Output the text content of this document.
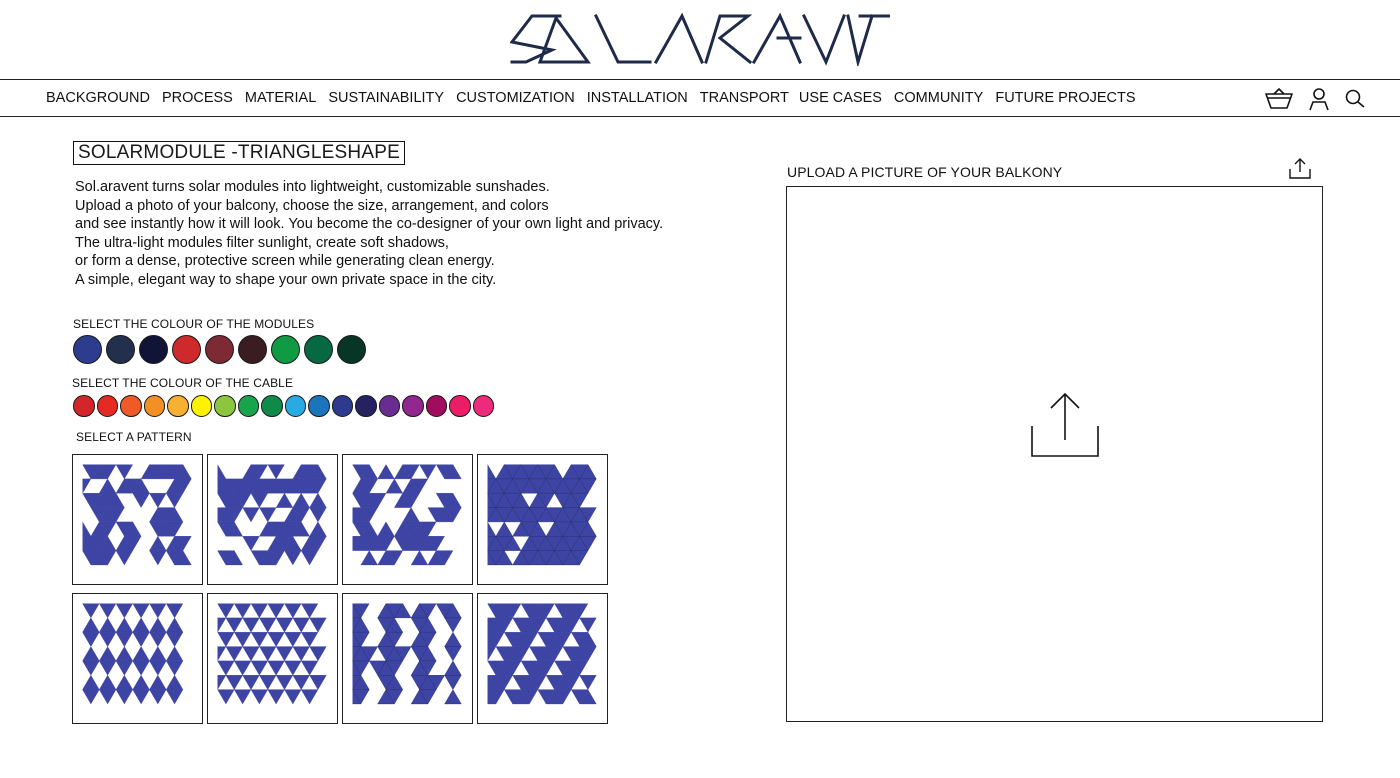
BACKGROUND PROCESS MATERIAL SUSTAINABILITY CUSTOMIZATION INSTALLATION TRANSPORT USE CASES COMMUNITY FUTURE PROJECTS
SOLARMODULE -TRIANGLESHAPE

Sol.aravent turns solar modules into lightweight, customizable sunshades.

Upload a photo of your balcony, choose the size, arrangement, and colors

and see instantly how it will look. You become the co-designer of your own light and privacy.

The ultra-light modules filter sunlight, create soft shadows,

or form a dense, protective screen while generating clean energy.

A simple, elegant way to shape your own private space in the city.

SELECT THE COLOUR OF THE MODULES
SELECT THE COLOUR OF THE CABLE
SELECT A PATTERN
UPLOAD A PICTURE OF YOUR BALKONY
